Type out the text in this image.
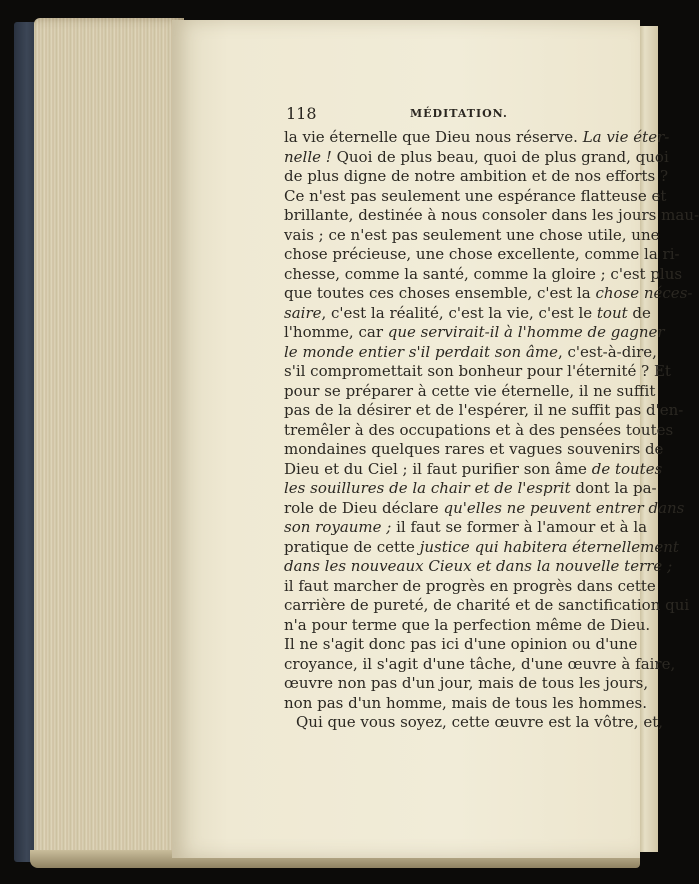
118	MÉDITATION.
la vie éternelle que Dieu nous réserve. La vie éter-
nelle ! Quoi de plus beau, quoi de plus grand, quoi
de plus digne de notre ambition et de nos efforts ?
Ce n'est pas seulement une espérance flatteuse et
brillante, destinée à nous consoler dans les jours mau-
vais ; ce n'est pas seulement une chose utile, une
chose précieuse, une chose excellente, comme la ri-
chesse, comme la santé, comme la gloire ; c'est plus
que toutes ces choses ensemble, c'est la chose néces-
saire, c'est la réalité, c'est la vie, c'est le tout de
l'homme, car que servirait-il à l'homme de gagner
le monde entier s'il perdait son âme, c'est-à-dire,
s'il compromettait son bonheur pour l'éternité ? Et
pour se préparer à cette vie éternelle, il ne suffit
pas de la désirer et de l'espérer, il ne suffit pas d'en-
tremêler à des occupations et à des pensées toutes
mondaines quelques rares et vagues souvenirs de
Dieu et du Ciel ; il faut purifier son âme de toutes
les souillures de la chair et de l'esprit dont la pa-
role de Dieu déclare qu'elles ne peuvent entrer dans
son royaume ; il faut se former à l'amour et à la
pratique de cette justice qui habitera éternellement
dans les nouveaux Cieux et dans la nouvelle terre ;
il faut marcher de progrès en progrès dans cette
carrière de pureté, de charité et de sanctification qui
n'a pour terme que la perfection même de Dieu.
Il ne s'agit donc pas ici d'une opinion ou d'une
croyance, il s'agit d'une tâche, d'une œuvre à faire,
œuvre non pas d'un jour, mais de tous les jours,
non pas d'un homme, mais de tous les hommes.
Qui que vous soyez, cette œuvre est la vôtre, et,
